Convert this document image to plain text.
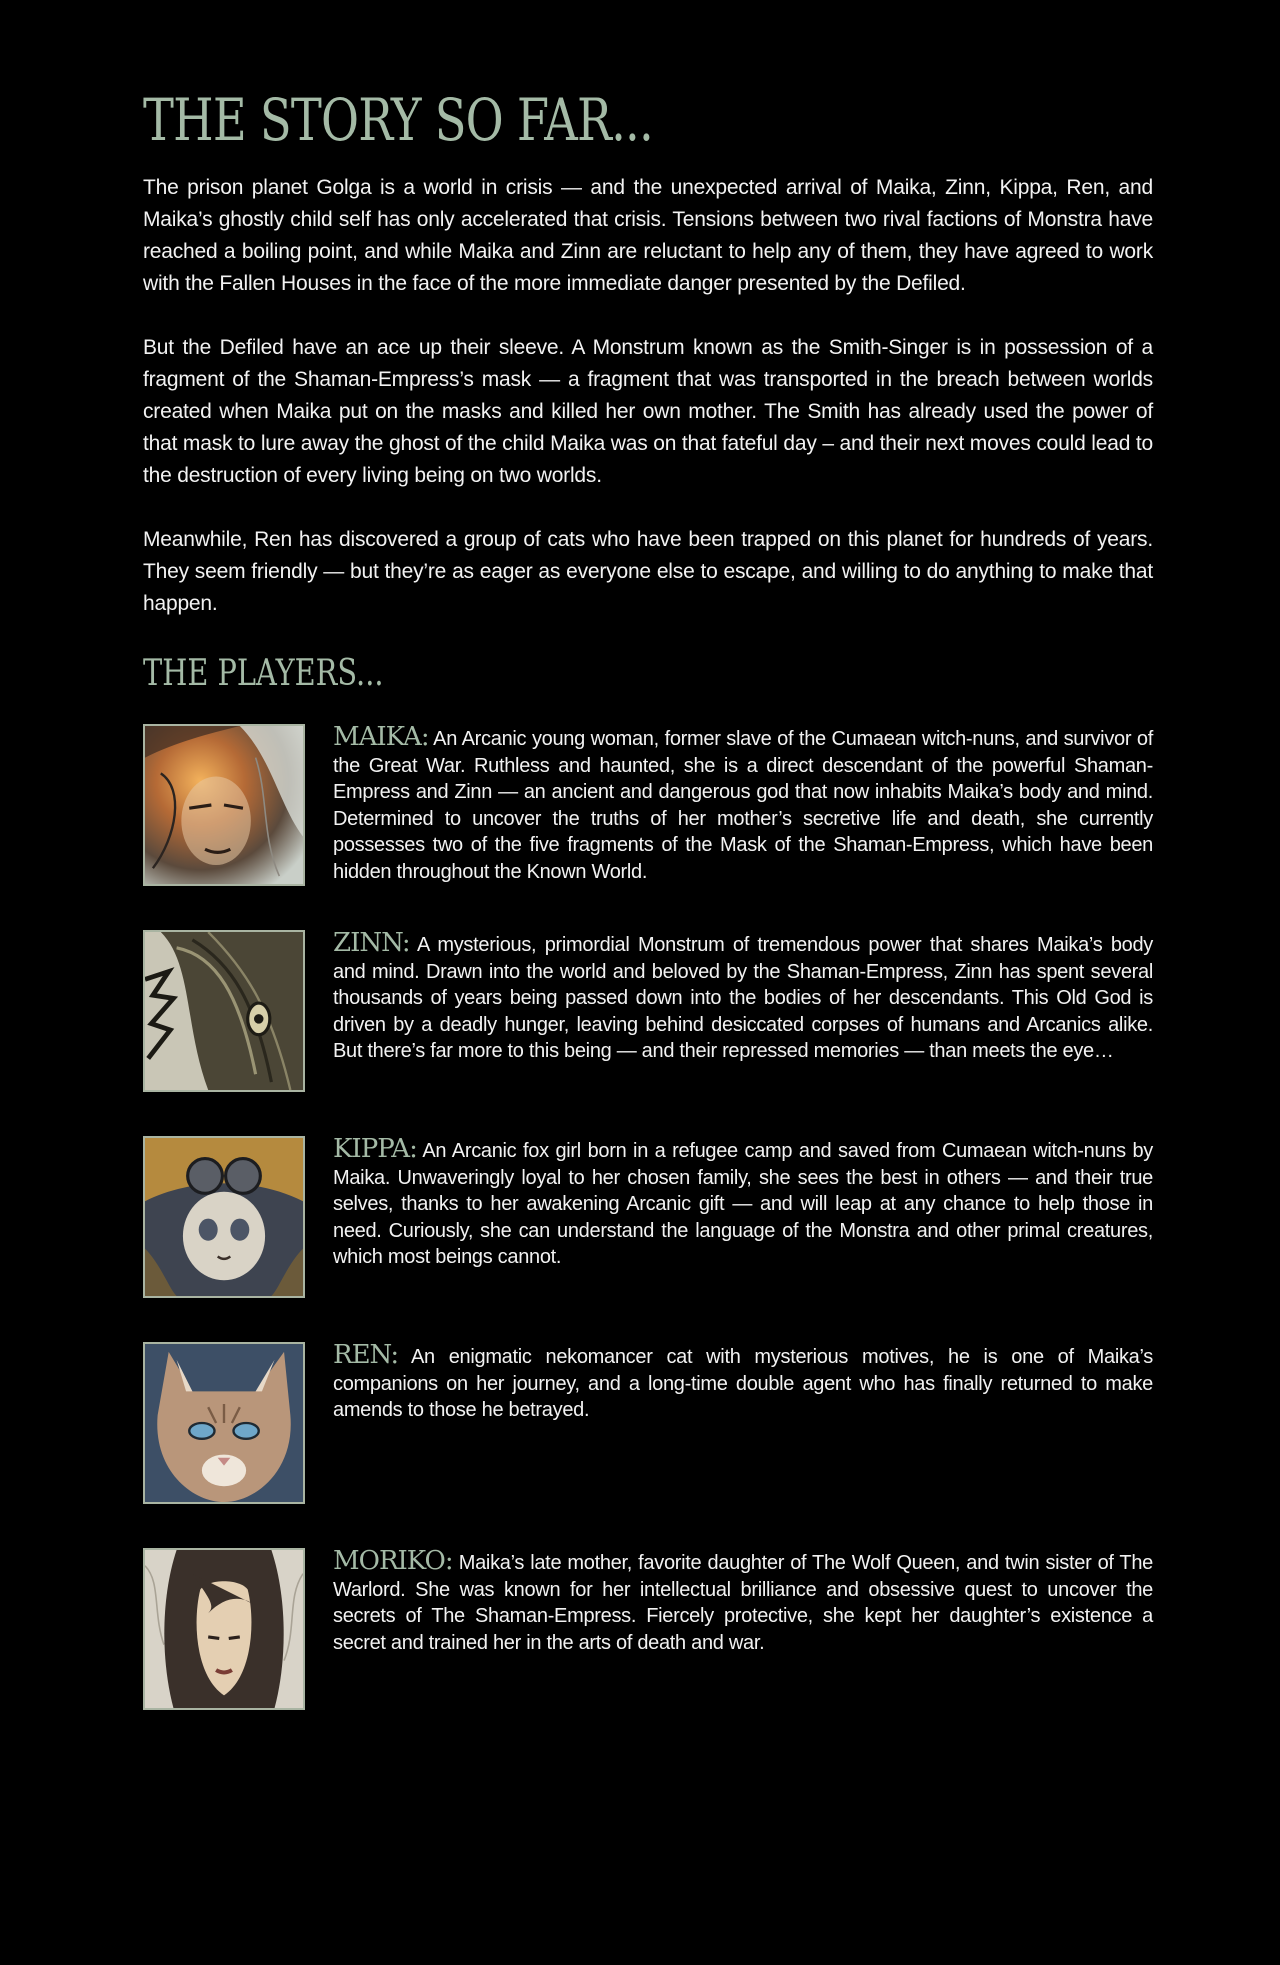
THE STORY SO FAR...

The prison planet Golga is a world in crisis — and the unexpected arrival of Maika, Zinn, Kippa, Ren, and Maika’s ghostly child self has only accelerated that crisis. Tensions between two rival factions of Monstra have reached a boiling point, and while Maika and Zinn are reluctant to help any of them, they have agreed to work with the Fallen Houses in the face of the more immediate danger presented by the Defiled.

But the Defiled have an ace up their sleeve. A Monstrum known as the Smith-Singer is in possession of a fragment of the Shaman-Empress’s mask — a fragment that was transported in the breach between worlds created when Maika put on the masks and killed her own mother. The Smith has already used the power of that mask to lure away the ghost of the child Maika was on that fateful day – and their next moves could lead to the destruction of every living being on two worlds.

Meanwhile, Ren has discovered a group of cats who have been trapped on this planet for hundreds of years. They seem friendly — but they’re as eager as everyone else to escape, and willing to do anything to make that happen.

THE PLAYERS...

MAIKA: An Arcanic young woman, former slave of the Cumaean witch-nuns, and survivor of the Great War. Ruthless and haunted, she is a direct descendant of the powerful Shaman-Empress and Zinn — an ancient and dangerous god that now inhabits Maika’s body and mind. Determined to uncover the truths of her mother’s secretive life and death, she currently possesses two of the five fragments of the Mask of the Shaman-Empress, which have been hidden throughout the Known World.

ZINN: A mysterious, primordial Monstrum of tremendous power that shares Maika’s body and mind. Drawn into the world and beloved by the Shaman-Empress, Zinn has spent several thousands of years being passed down into the bodies of her descendants. This Old God is driven by a deadly hunger, leaving behind desiccated corpses of humans and Arcanics alike. But there’s far more to this being — and their repressed memories — than meets the eye…

KIPPA: An Arcanic fox girl born in a refugee camp and saved from Cumaean witch-nuns by Maika. Unwaveringly loyal to her chosen family, she sees the best in others — and their true selves, thanks to her awakening Arcanic gift — and will leap at any chance to help those in need. Curiously, she can understand the language of the Monstra and other primal creatures, which most beings cannot.

REN: An enigmatic nekomancer cat with mysterious motives, he is one of Maika’s companions on her journey, and a long-time double agent who has finally returned to make amends to those he betrayed.

MORIKO: Maika’s late mother, favorite daughter of The Wolf Queen, and twin sister of The Warlord. She was known for her intellectual brilliance and obsessive quest to uncover the secrets of The Shaman-Empress. Fiercely protective, she kept her daughter’s existence a secret and trained her in the arts of death and war.
